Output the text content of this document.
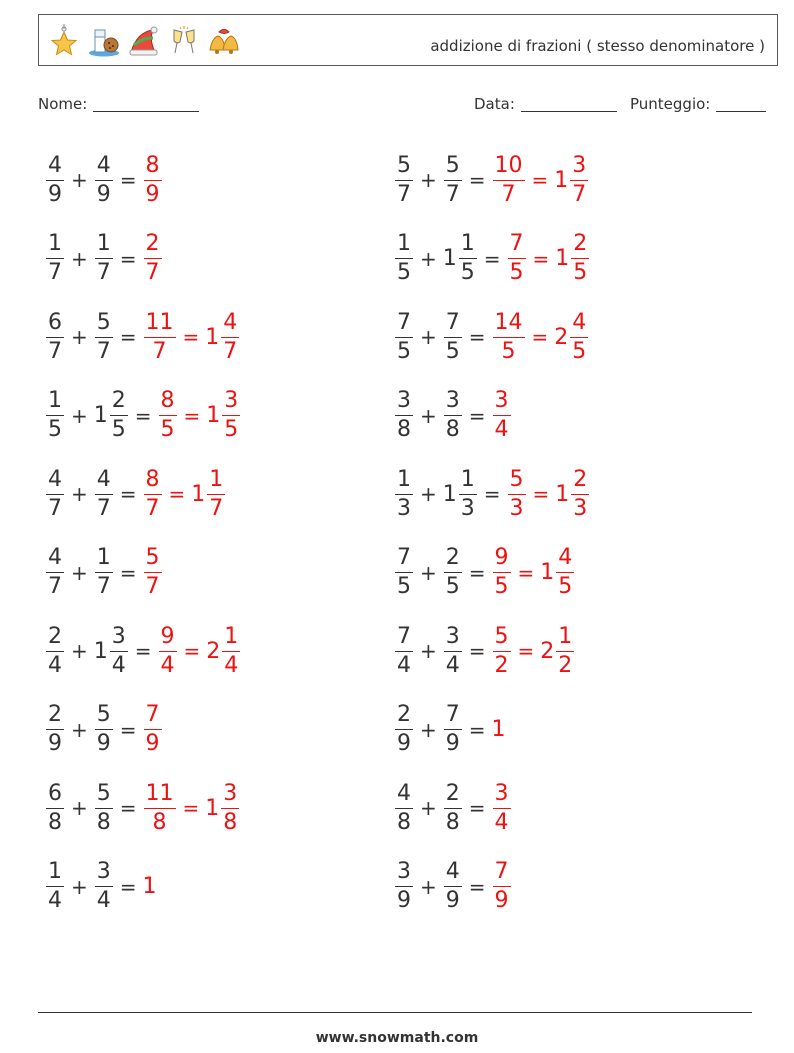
addizione di frazioni ( stesso denominatore )
Nome:	Data:	Punteggio:
$\frac{4}{9} + \frac{4}{9} = \frac{8}{9}$	$\frac{5}{7} + \frac{5}{7} = \frac{10}{7} = 1 \frac{3}{7}$
$\frac{1}{7} + \frac{1}{7} = \frac{2}{7}$	$\frac{1}{5} + 1 \frac{1}{5} = \frac{7}{5} = 1 \frac{2}{5}$
$\frac{6}{7} + \frac{5}{7} = \frac{11}{7} = 1 \frac{4}{7}$	$\frac{7}{5} + \frac{7}{5} = \frac{14}{5} = 2 \frac{4}{5}$
$\frac{1}{5} + 1 \frac{2}{5} = \frac{8}{5} = 1 \frac{3}{5}$	$\frac{3}{8} + \frac{3}{8} = \frac{3}{4}$
$\frac{4}{7} + \frac{4}{7} = \frac{8}{7} = 1 \frac{1}{7}$	$\frac{1}{3} + 1 \frac{1}{3} = \frac{5}{3} = 1 \frac{2}{3}$
$\frac{4}{7} + \frac{1}{7} = \frac{5}{7}$	$\frac{7}{5} + \frac{2}{5} = \frac{9}{5} = 1 \frac{4}{5}$
$\frac{2}{4} + 1 \frac{3}{4} = \frac{9}{4} = 2 \frac{1}{4}$	$\frac{7}{4} + \frac{3}{4} = \frac{5}{2} = 2 \frac{1}{2}$
$\frac{2}{9} + \frac{5}{9} = \frac{7}{9}$	$\frac{2}{9} + \frac{7}{9} = 1$
$\frac{6}{8} + \frac{5}{8} = \frac{11}{8} = 1 \frac{3}{8}$	$\frac{4}{8} + \frac{2}{8} = \frac{3}{4}$
$\frac{1}{4} + \frac{3}{4} = 1$	$\frac{3}{9} + \frac{4}{9} = \frac{7}{9}$
www.snowmath.com
